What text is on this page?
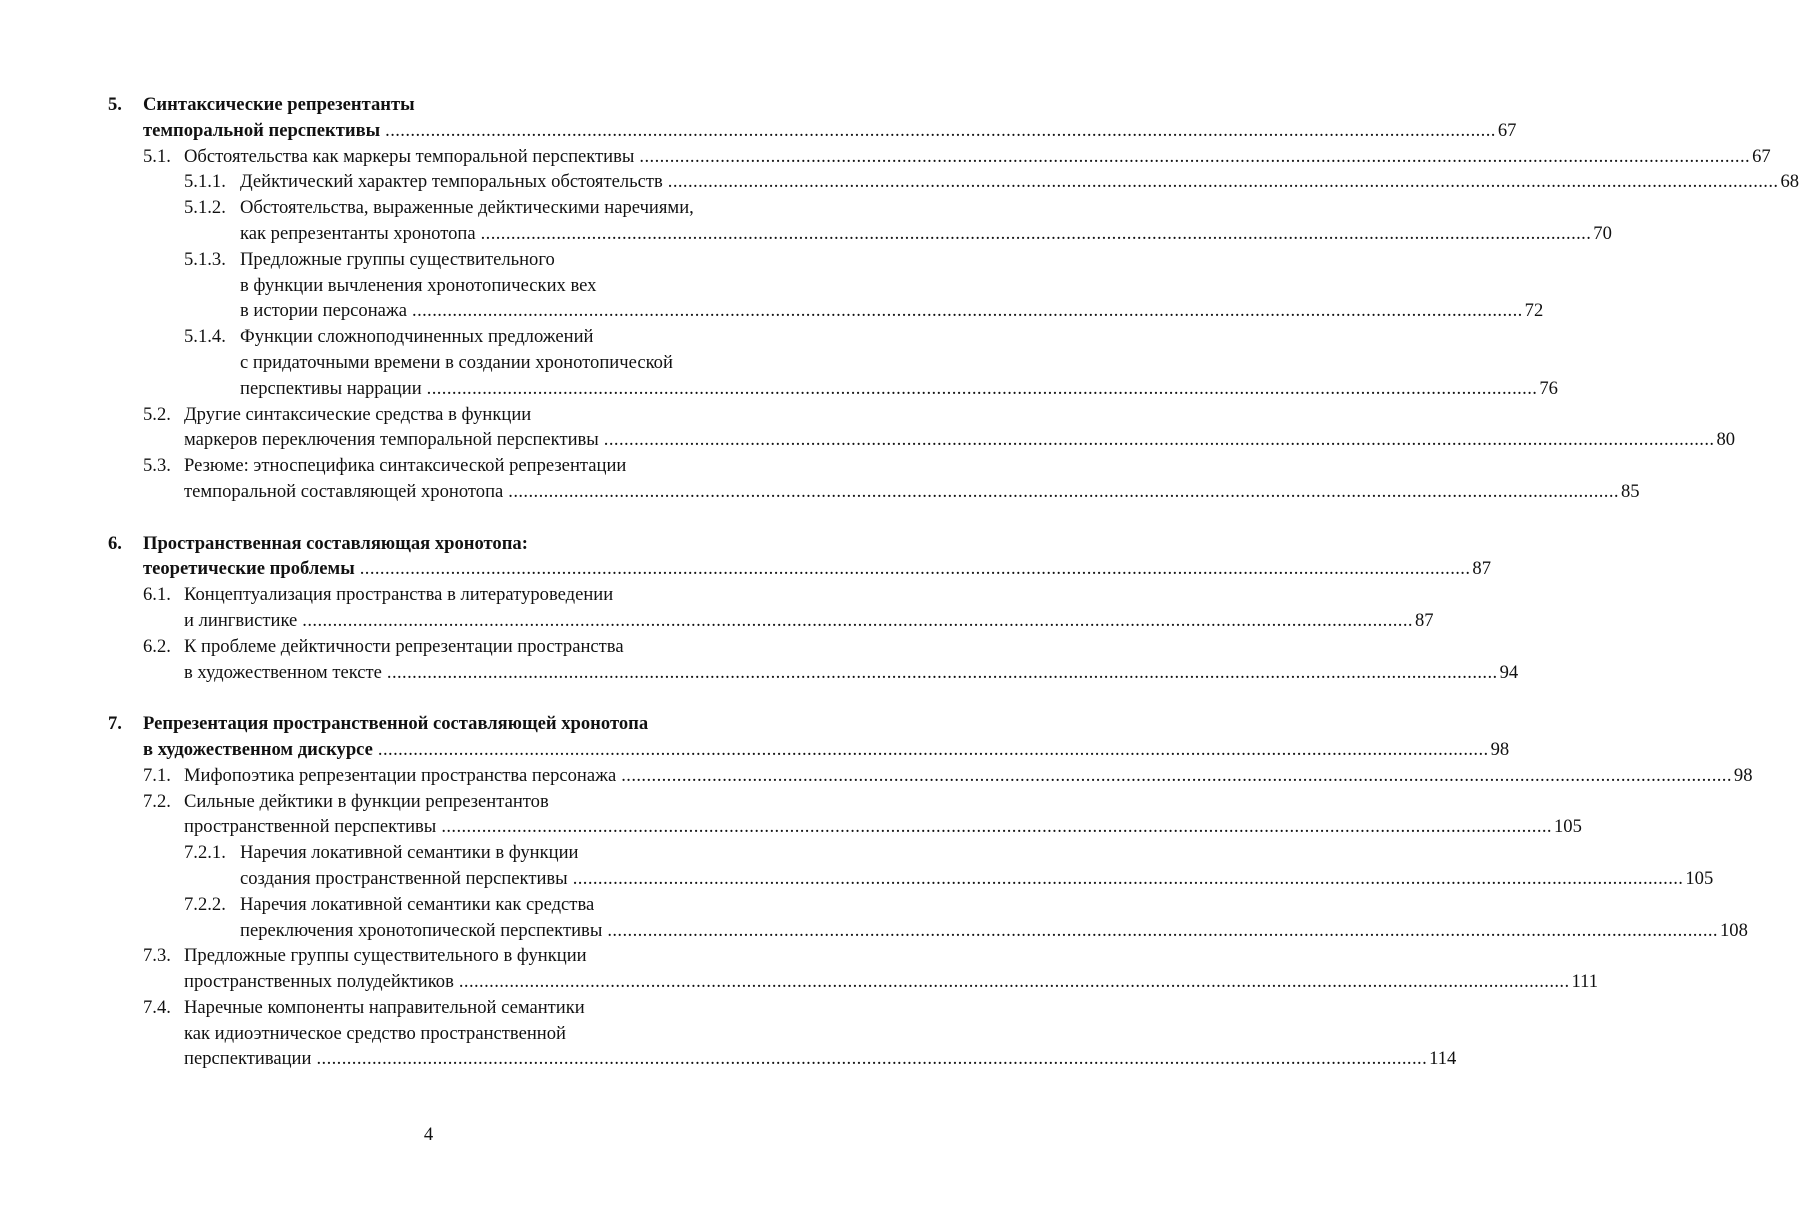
5. Синтаксические репрезентанты
темпоральной перспективы ............................................................................................................................................................................................................................ 67
5.1. Обстоятельства как маркеры темпоральной перспективы ............................................................................................................................................................................................................................ 67
5.1.1. Дейктический характер темпоральных обстоятельств ............................................................................................................................................................................................................................ 68
5.1.2. Обстоятельства, выраженные дейктическими наречиями,
как репрезентанты хронотопа ............................................................................................................................................................................................................................ 70
5.1.3. Предложные группы существительного
в функции вычленения хронотопических вех
в истории персонажа ............................................................................................................................................................................................................................ 72
5.1.4. Функции сложноподчиненных предложений
с придаточными времени в создании хронотопической
перспективы наррации ............................................................................................................................................................................................................................ 76
5.2. Другие синтаксические средства в функции
маркеров переключения темпоральной перспективы ............................................................................................................................................................................................................................ 80
5.3. Резюме: этноспецифика синтаксической репрезентации
темпоральной составляющей хронотопа ............................................................................................................................................................................................................................ 85
6. Пространственная составляющая хронотопа:
теоретические проблемы ............................................................................................................................................................................................................................ 87
6.1. Концептуализация пространства в литературоведении
и лингвистике ............................................................................................................................................................................................................................ 87
6.2. К проблеме дейктичности репрезентации пространства
в художественном тексте ............................................................................................................................................................................................................................ 94
7. Репрезентация пространственной составляющей хронотопа
в художественном дискурсе ............................................................................................................................................................................................................................ 98
7.1. Мифопоэтика репрезентации пространства персонажа ............................................................................................................................................................................................................................ 98
7.2. Сильные дейктики в функции репрезентантов
пространственной перспективы ............................................................................................................................................................................................................................ 105
7.2.1. Наречия локативной семантики в функции
создания пространственной перспективы ............................................................................................................................................................................................................................ 105
7.2.2. Наречия локативной семантики как средства
переключения хронотопической перспективы ............................................................................................................................................................................................................................ 108
7.3. Предложные группы существительного в функции
пространственных полудейктиков ............................................................................................................................................................................................................................ 111
7.4. Наречные компоненты направительной семантики
как идиоэтническое средство пространственной
перспективации ............................................................................................................................................................................................................................ 114
4
